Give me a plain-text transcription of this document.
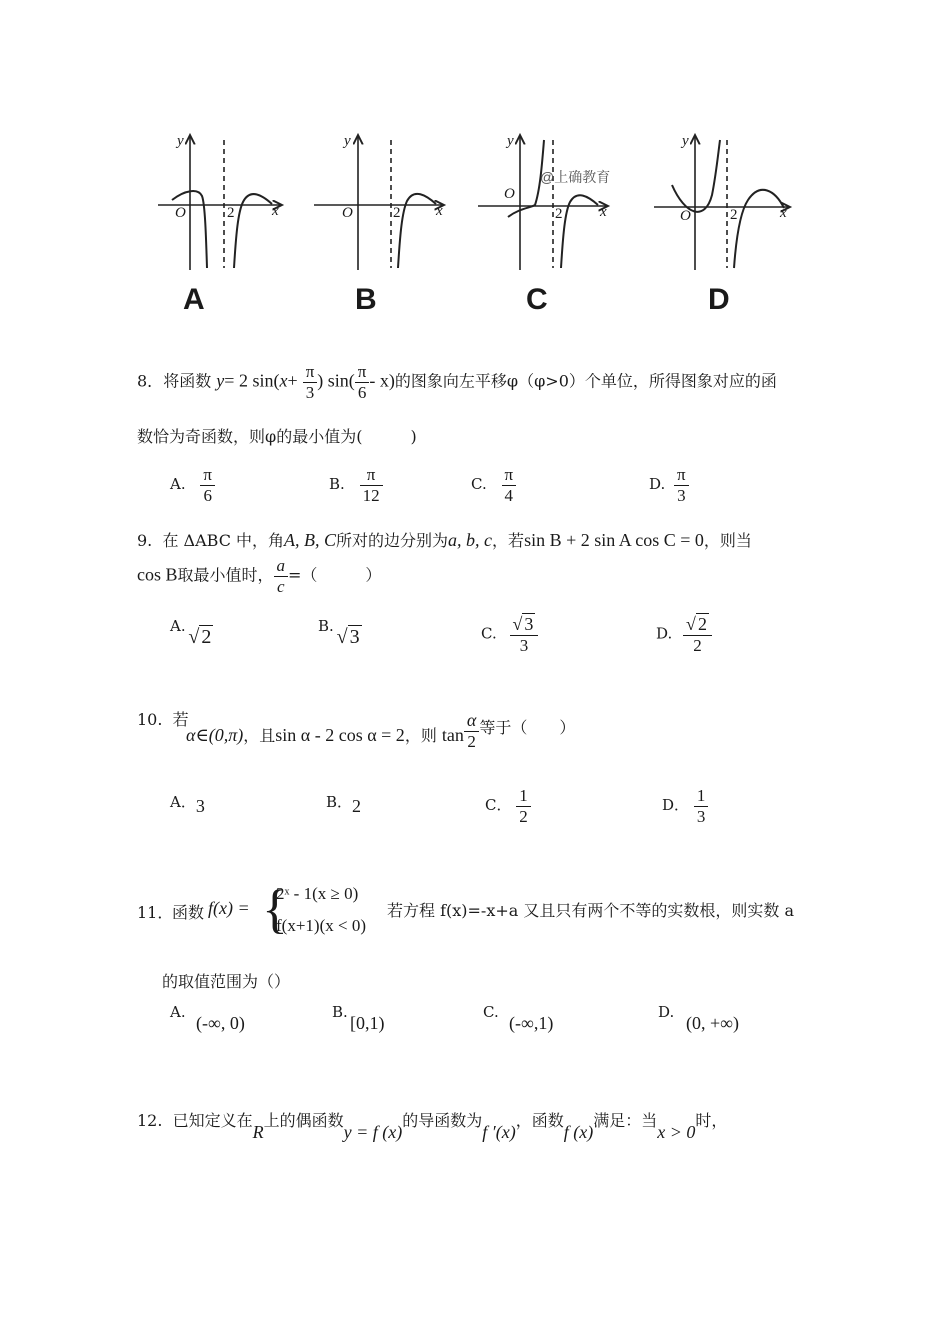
y
O	2	x
A
y
O	2 x
B
y
O
2	x
@上确教育
C
y
O	2	x
D
8．将函数 y= 2 $\sin(x+ \frac{\pi}{3}$ ) $\sin( \frac{\pi}{6} - x)$的图象向左平移φ（φ>0）个单位，所得图象对应的函
数恰为奇函数，则φ的最小值为(　　　)
A. $\frac{\pi}{6}$	B. $\frac{\pi}{12}$	C. $\frac{\pi}{4}$	D. $\frac{\pi}{3}$
9. 在 ΔABC 中，角A, B, C所对的边分别为a, b, c，若sin B + 2 sin A cos C = 0，则当
cos B取最小值时， $\frac{a}{c}$ =（　　　）
A. √ 2	B. √ 3	C. $\frac{√ 3}{3}$	D. $\frac{√ 2}{2}$
10. 若
α∈(0,π)，且sin α - 2 cos α = 2，则 $\tan \frac{\alpha}{2}$ 等于（　　）
A．3	B．2	C． $\frac{1}{2}$	D． $\frac{1}{3}$
11．
函数 f(x) = {
2ˣ - 1(x ≥ 0)
f(x+1)(x < 0)
若方程 f(x)=-x+a 又且只有两个不等的实数根，则实数 a
的取值范围为（）
A.
(-∞, 0)
B.
[0,1)
C.
(-∞,1)
D.
(0, +∞)
12. 已知定义在R上的偶函数y = f (x)的导函数为f ′(x)，函数f (x)满足：当x > 0时，
